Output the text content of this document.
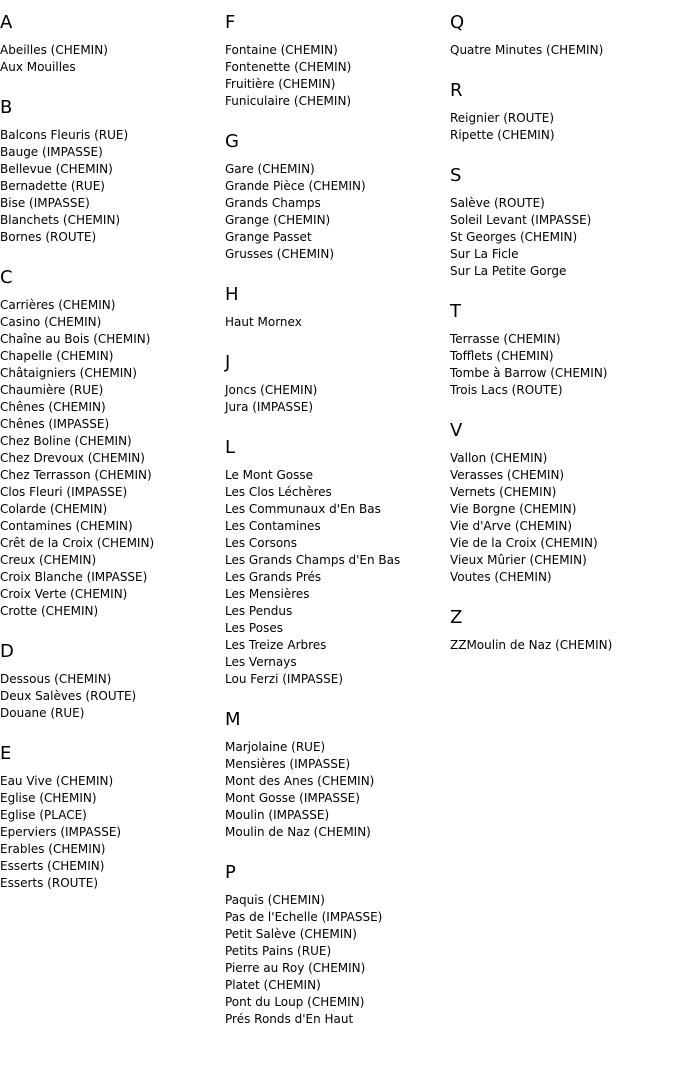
A
Abeilles (CHEMIN)
Aux Mouilles
B
Balcons Fleuris (RUE)
Bauge (IMPASSE)
Bellevue (CHEMIN)
Bernadette (RUE)
Bise (IMPASSE)
Blanchets (CHEMIN)
Bornes (ROUTE)
C
Carrières (CHEMIN)
Casino (CHEMIN)
Chaîne au Bois (CHEMIN)
Chapelle (CHEMIN)
Châtaigniers (CHEMIN)
Chaumière (RUE)
Chênes (CHEMIN)
Chênes (IMPASSE)
Chez Boline (CHEMIN)
Chez Drevoux (CHEMIN)
Chez Terrasson (CHEMIN)
Clos Fleuri (IMPASSE)
Colarde (CHEMIN)
Contamines (CHEMIN)
Crêt de la Croix (CHEMIN)
Creux (CHEMIN)
Croix Blanche (IMPASSE)
Croix Verte (CHEMIN)
Crotte (CHEMIN)
D
Dessous (CHEMIN)
Deux Salèves (ROUTE)
Douane (RUE)
E
Eau Vive (CHEMIN)
Eglise (CHEMIN)
Eglise (PLACE)
Eperviers (IMPASSE)
Erables (CHEMIN)
Esserts (CHEMIN)
Esserts (ROUTE)
F
Fontaine (CHEMIN)
Fontenette (CHEMIN)
Fruitière (CHEMIN)
Funiculaire (CHEMIN)
G
Gare (CHEMIN)
Grande Pièce (CHEMIN)
Grands Champs
Grange (CHEMIN)
Grange Passet
Grusses (CHEMIN)
H
Haut Mornex
J
Joncs (CHEMIN)
Jura (IMPASSE)
L
Le Mont Gosse
Les Clos Léchères
Les Communaux d'En Bas
Les Contamines
Les Corsons
Les Grands Champs d'En Bas
Les Grands Prés
Les Mensières
Les Pendus
Les Poses
Les Treize Arbres
Les Vernays
Lou Ferzi (IMPASSE)
M
Marjolaine (RUE)
Mensières (IMPASSE)
Mont des Anes (CHEMIN)
Mont Gosse (IMPASSE)
Moulin (IMPASSE)
Moulin de Naz (CHEMIN)
P
Paquis (CHEMIN)
Pas de l'Echelle (IMPASSE)
Petit Salève (CHEMIN)
Petits Pains (RUE)
Pierre au Roy (CHEMIN)
Platet (CHEMIN)
Pont du Loup (CHEMIN)
Prés Ronds d'En Haut
Q
Quatre Minutes (CHEMIN)
R
Reignier (ROUTE)
Ripette (CHEMIN)
S
Salève (ROUTE)
Soleil Levant (IMPASSE)
St Georges (CHEMIN)
Sur La Ficle
Sur La Petite Gorge
T
Terrasse (CHEMIN)
Tofflets (CHEMIN)
Tombe à Barrow (CHEMIN)
Trois Lacs (ROUTE)
V
Vallon (CHEMIN)
Verasses (CHEMIN)
Vernets (CHEMIN)
Vie Borgne (CHEMIN)
Vie d'Arve (CHEMIN)
Vie de la Croix (CHEMIN)
Vieux Mûrier (CHEMIN)
Voutes (CHEMIN)
Z
ZZMoulin de Naz (CHEMIN)
